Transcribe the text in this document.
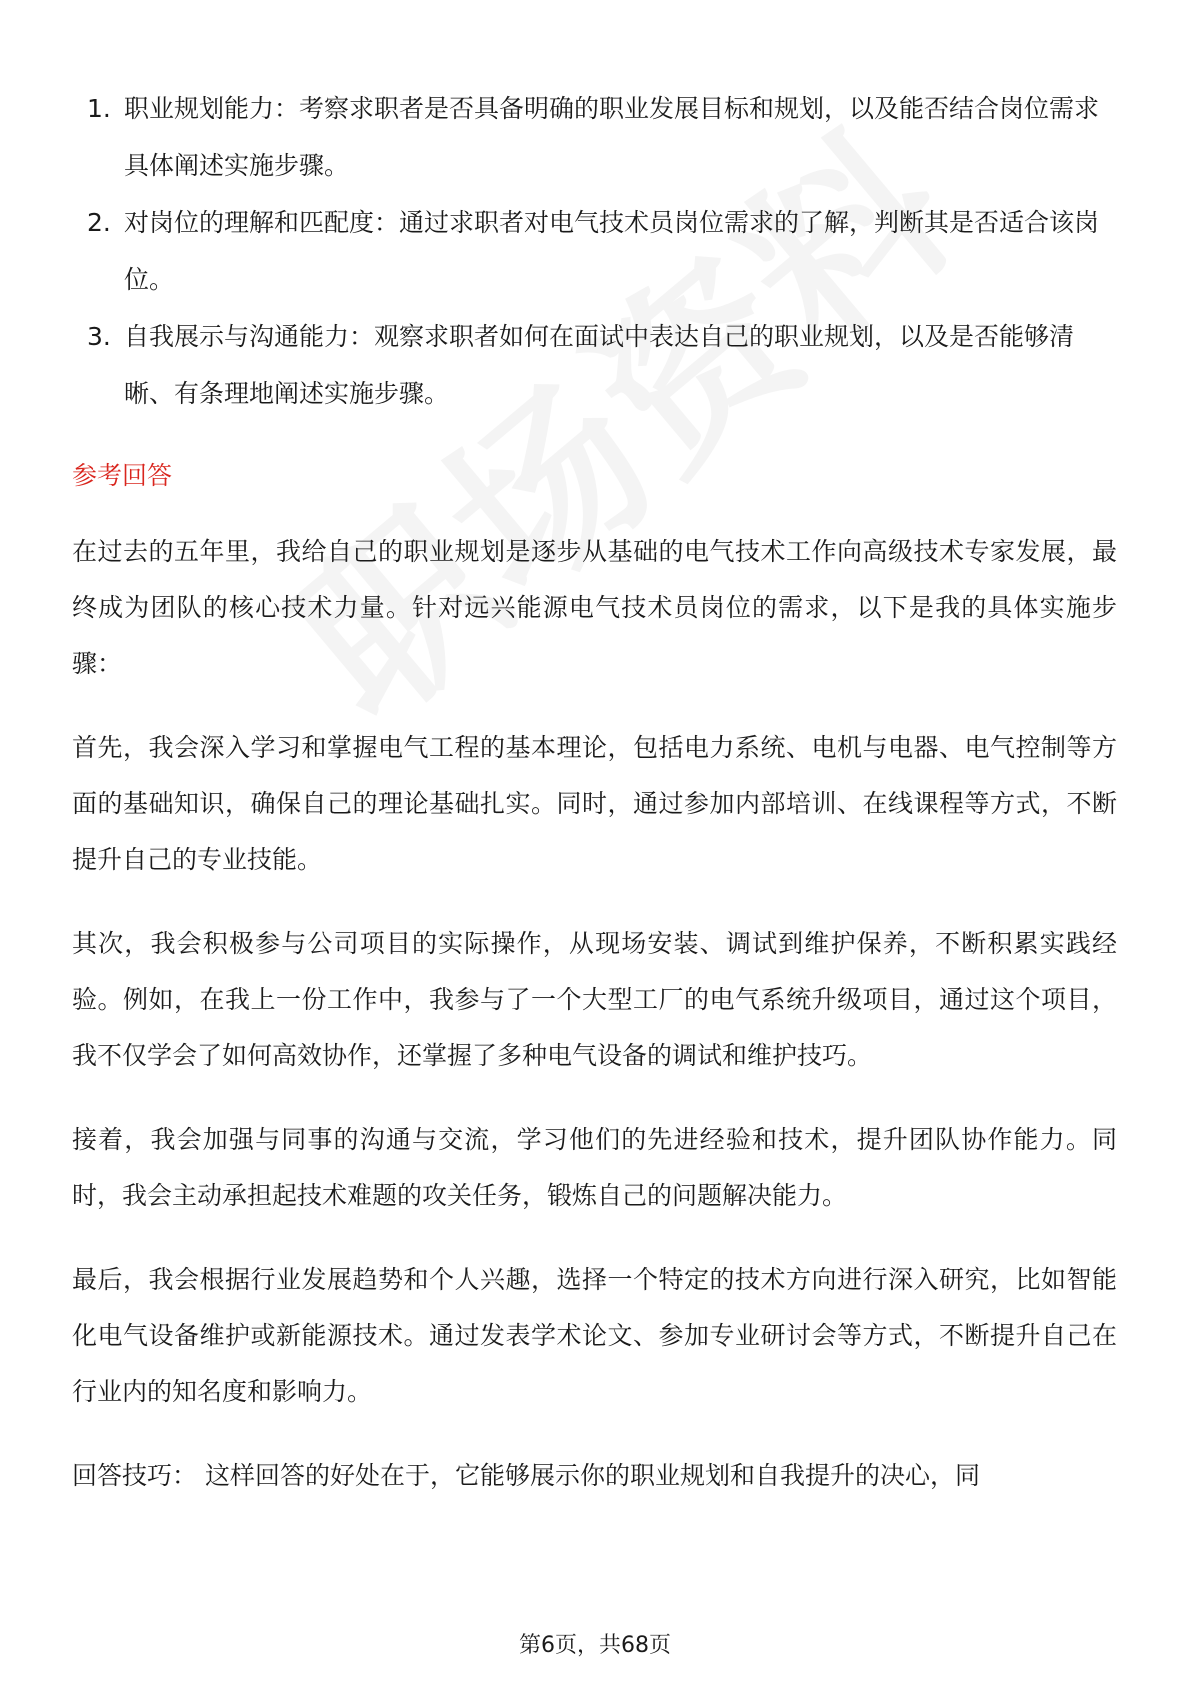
1. 职业规划能力：考察求职者是否具备明确的职业发展目标和规划，以及能否结合岗位需求具体阐述实施步骤。
2. 对岗位的理解和匹配度：通过求职者对电气技术员岗位需求的了解，判断其是否适合该岗位。
3. 自我展示与沟通能力：观察求职者如何在面试中表达自己的职业规划，以及是否能够清晰、有条理地阐述实施步骤。
参考回答

在过去的五年里，我给自己的职业规划是逐步从基础的电气技术工作向高级技术专家发展，最终成为团队的核心技术力量。针对远兴能源电气技术员岗位的需求，以下是我的具体实施步骤：

首先，我会深入学习和掌握电气工程的基本理论，包括电力系统、电机与电器、电气控制等方面的基础知识，确保自己的理论基础扎实。同时，通过参加内部培训、在线课程等方式，不断提升自己的专业技能。

其次，我会积极参与公司项目的实际操作，从现场安装、调试到维护保养，不断积累实践经验。例如，在我上一份工作中，我参与了一个大型工厂的电气系统升级项目，通过这个项目，我不仅学会了如何高效协作，还掌握了多种电气设备的调试和维护技巧。

接着，我会加强与同事的沟通与交流，学习他们的先进经验和技术，提升团队协作能力。同时，我会主动承担起技术难题的攻关任务，锻炼自己的问题解决能力。

最后，我会根据行业发展趋势和个人兴趣，选择一个特定的技术方向进行深入研究，比如智能化电气设备维护或新能源技术。通过发表学术论文、参加专业研讨会等方式，不断提升自己在行业内的知名度和影响力。

回答技巧： 这样回答的好处在于，它能够展示你的职业规划和自我提升的决心，同

第6页，共68页
